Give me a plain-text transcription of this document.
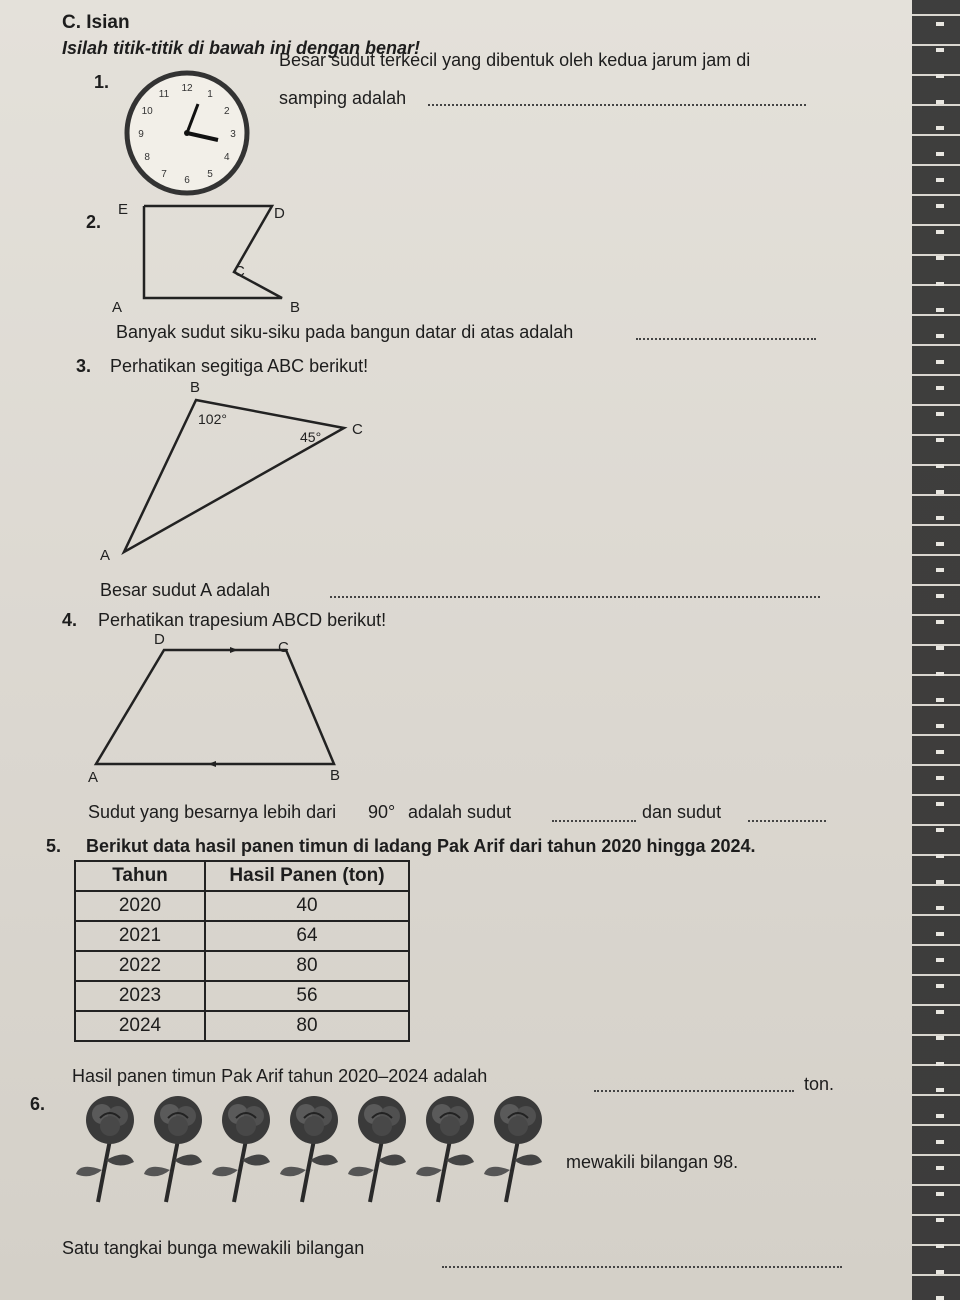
C. Isian
Isilah titik-titik di bawah ini dengan benar!
1.	12
1
2
3
4
5
6
7
8
9
10
11
Besar sudut terkecil yang dibentuk oleh kedua jarum jam di
samping adalah
2.
E	D
C
A	B
Banyak sudut siku-siku pada bangun datar di atas adalah
3. Perhatikan segitiga ABC berikut!
B
C
A
102°
45°
Besar sudut A adalah
4. Perhatikan trapesium ABCD berikut!
D	C
A	B
Sudut yang besarnya lebih dari 90° adalah sudut	dan sudut
5. Berikut data hasil panen timun di ladang Pak Arif dari tahun 2020 hingga 2024.
Tahun	Hasil Panen (ton)
2020	40
2021	64
2022	80
2023	56
2024	80
Hasil panen timun Pak Arif tahun 2020–2024 adalah	ton.
6.
mewakili bilangan 98.
Satu tangkai bunga mewakili bilangan
